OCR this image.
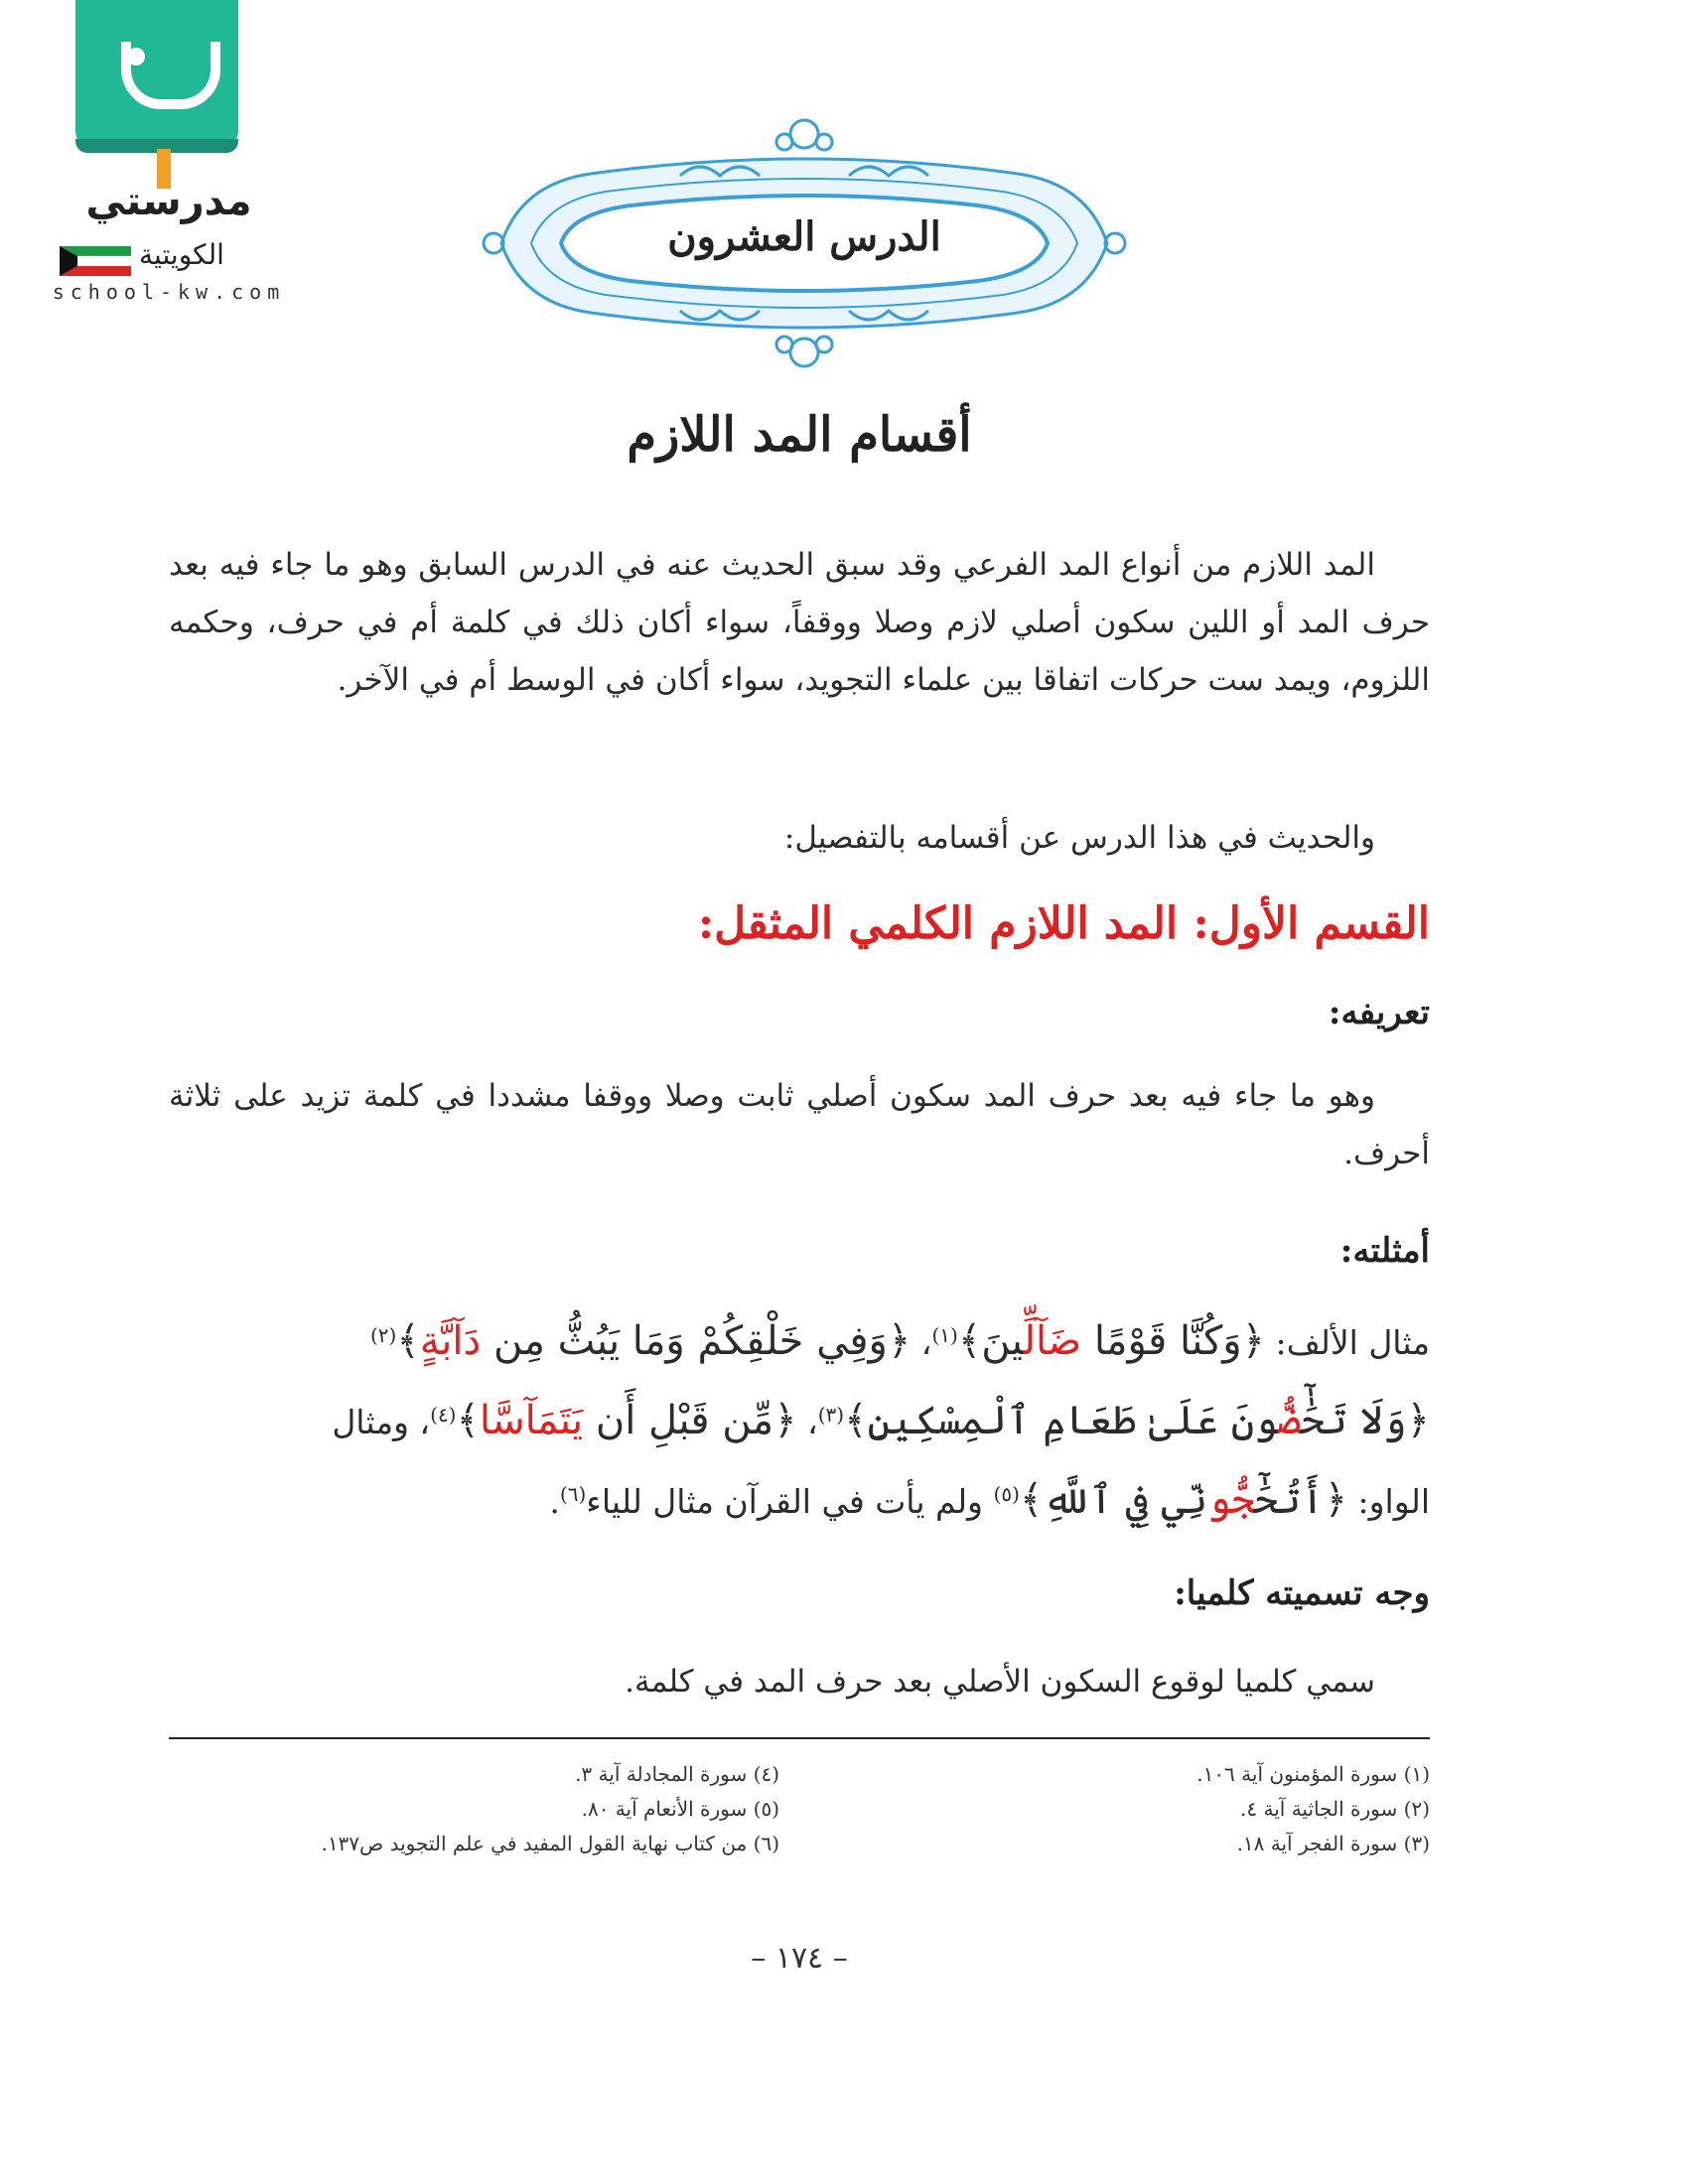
مدرستي
الكويتية
school-kw.com
الدرس العشرون
أقسام المد اللازم

المد اللازم من أنواع المد الفرعي وقد سبق الحديث عنه في الدرس السابق وهو ما جاء فيه بعد حرف المد أو اللين سكون أصلي لازم وصلا ووقفاً، سواء أكان ذلك في كلمة أم في حرف، وحكمه اللزوم، ويمد ست حركات اتفاقا بين علماء التجويد، سواء أكان في الوسط أم في الآخر.

والحديث في هذا الدرس عن أقسامه بالتفصيل:

القسم الأول: المد اللازم الكلمي المثقل:
تعريفه:

وهو ما جاء فيه بعد حرف المد سكون أصلي ثابت وصلا ووقفا مشددا في كلمة تزيد على ثلاثة أحرف.

أمثلته:
مثال الألف: ﴿وَكُنَّا قَوْمًا ضَآلِّينَ﴾$^{(١)}$، ﴿وَفِي خَلْقِكُمْ وَمَا يَبُثُّ مِن دَآبَّةٍ﴾$^{(٢)}$
﴿وَلَا تَحَٰٰٓضُّونَ عَلَىٰ طَعَامِ ٱلْمِسْكِينِ﴾$^{(٣)}$، ﴿مِّن قَبْلِ أَن يَتَمَآسَّا﴾$^{(٤)}$، ومثال
الواو: ﴿أَتُحَٰٓجُّونِّي فِي ٱللَّهِ﴾$^{(٥)}$ ولم يأت في القرآن مثال للياء$^{(٦)}$.
وجه تسميته كلميا:

سمي كلميا لوقوع السكون الأصلي بعد حرف المد في كلمة.

(١) سورة المؤمنون آية ١٠٦.
(٢) سورة الجاثية آية ٤.
(٣) سورة الفجر آية ١٨.
(٤) سورة المجادلة آية ٣.
(٥) سورة الأنعام آية ٨٠.
(٦) من كتاب نهاية القول المفيد في علم التجويد ص١٣٧.
– ١٧٤ –
